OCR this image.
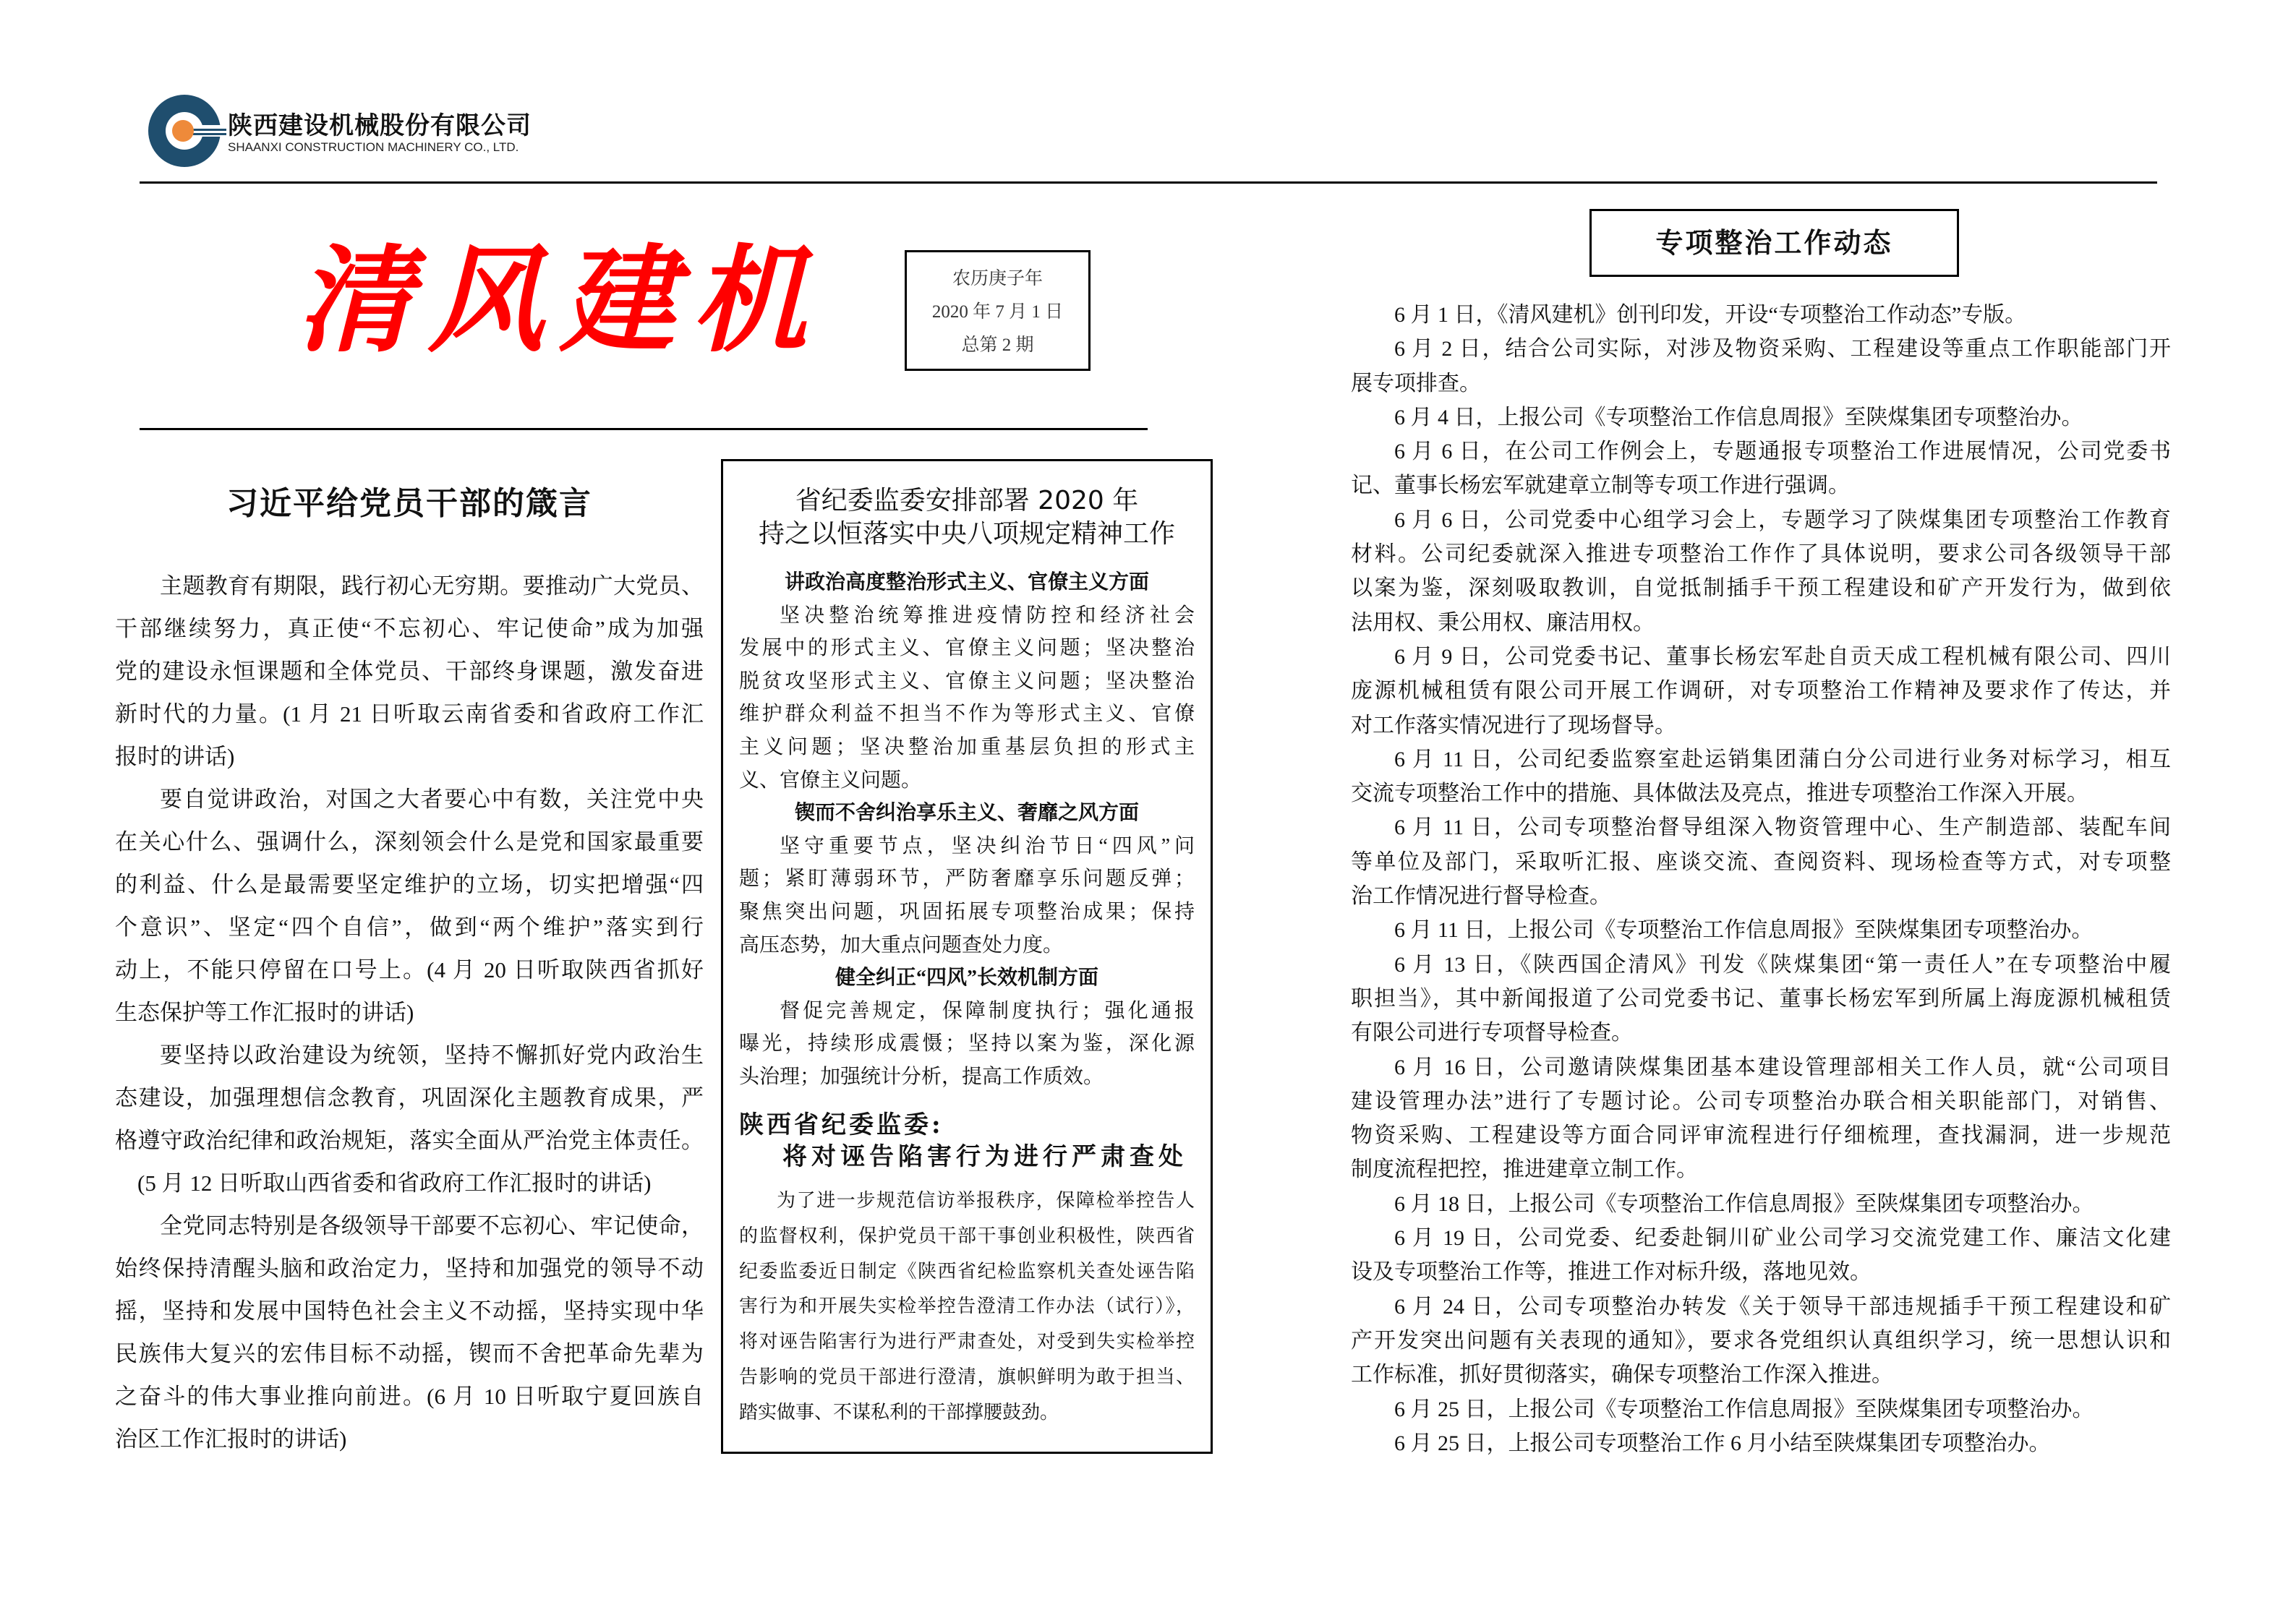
陕西建设机械股份有限公司
SHAANXI CONSTRUCTION MACHINERY CO., LTD.
清风建机	农历庚子年
2020 年 7 月 1 日
总第 2 期
习近平给党员干部的箴言
主题教育有期限，践行初心无穷期。要推动广大党员、
干部继续努力，真正使“不忘初心、牢记使命”成为加强
党的建设永恒课题和全体党员、干部终身课题，激发奋进
新时代的力量。(1 月 21 日听取云南省委和省政府工作汇
报时的讲话)
要自觉讲政治，对国之大者要心中有数，关注党中央
在关心什么、强调什么，深刻领会什么是党和国家最重要
的利益、什么是最需要坚定维护的立场，切实把增强“四
个意识”、坚定“四个自信”，做到“两个维护”落实到行
动上，不能只停留在口号上。(4 月 20 日听取陕西省抓好
生态保护等工作汇报时的讲话)
要坚持以政治建设为统领，坚持不懈抓好党内政治生
态建设，加强理想信念教育，巩固深化主题教育成果，严
格遵守政治纪律和政治规矩，落实全面从严治党主体责任。
(5 月 12 日听取山西省委和省政府工作汇报时的讲话)
全党同志特别是各级领导干部要不忘初心、牢记使命，
始终保持清醒头脑和政治定力，坚持和加强党的领导不动
摇，坚持和发展中国特色社会主义不动摇，坚持实现中华
民族伟大复兴的宏伟目标不动摇，锲而不舍把革命先辈为
之奋斗的伟大事业推向前进。(6 月 10 日听取宁夏回族自
治区工作汇报时的讲话)
省纪委监委安排部署 2020 年
持之以恒落实中央八项规定精神工作
讲政治高度整治形式主义、官僚主义方面
坚决整治统筹推进疫情防控和经济社会
发展中的形式主义、官僚主义问题；坚决整治
脱贫攻坚形式主义、官僚主义问题；坚决整治
维护群众利益不担当不作为等形式主义、官僚
主义问题；坚决整治加重基层负担的形式主
义、官僚主义问题。
锲而不舍纠治享乐主义、奢靡之风方面
坚守重要节点，坚决纠治节日“四风”问
题；紧盯薄弱环节，严防奢靡享乐问题反弹；
聚焦突出问题，巩固拓展专项整治成果；保持
高压态势，加大重点问题查处力度。
健全纠正“四风”长效机制方面
督促完善规定，保障制度执行；强化通报
曝光，持续形成震慑；坚持以案为鉴，深化源
头治理；加强统计分析，提高工作质效。
陕西省纪委监委:
将对诬告陷害行为进行严肃查处
为了进一步规范信访举报秩序，保障检举控告人
的监督权利，保护党员干部干事创业积极性，陕西省
纪委监委近日制定《陕西省纪检监察机关查处诬告陷
害行为和开展失实检举控告澄清工作办法（试行）》，
将对诬告陷害行为进行严肃查处，对受到失实检举控
告影响的党员干部进行澄清，旗帜鲜明为敢于担当、
踏实做事、不谋私利的干部撑腰鼓劲。
专项整治工作动态
6 月 1 日，《清风建机》创刊印发，开设“专项整治工作动态”专版。
6 月 2 日，结合公司实际，对涉及物资采购、工程建设等重点工作职能部门开
展专项排查。
6 月 4 日，上报公司《专项整治工作信息周报》至陕煤集团专项整治办。
6 月 6 日，在公司工作例会上，专题通报专项整治工作进展情况，公司党委书
记、董事长杨宏军就建章立制等专项工作进行强调。
6 月 6 日，公司党委中心组学习会上，专题学习了陕煤集团专项整治工作教育
材料。公司纪委就深入推进专项整治工作作了具体说明，要求公司各级领导干部
以案为鉴，深刻吸取教训，自觉抵制插手干预工程建设和矿产开发行为，做到依
法用权、秉公用权、廉洁用权。
6 月 9 日，公司党委书记、董事长杨宏军赴自贡天成工程机械有限公司、四川
庞源机械租赁有限公司开展工作调研，对专项整治工作精神及要求作了传达，并
对工作落实情况进行了现场督导。
6 月 11 日，公司纪委监察室赴运销集团蒲白分公司进行业务对标学习，相互
交流专项整治工作中的措施、具体做法及亮点，推进专项整治工作深入开展。
6 月 11 日，公司专项整治督导组深入物资管理中心、生产制造部、装配车间
等单位及部门，采取听汇报、座谈交流、查阅资料、现场检查等方式，对专项整
治工作情况进行督导检查。
6 月 11 日，上报公司《专项整治工作信息周报》至陕煤集团专项整治办。
6 月 13 日，《陕西国企清风》刊发《陕煤集团“第一责任人”在专项整治中履
职担当》，其中新闻报道了公司党委书记、董事长杨宏军到所属上海庞源机械租赁
有限公司进行专项督导检查。
6 月 16 日，公司邀请陕煤集团基本建设管理部相关工作人员，就“公司项目
建设管理办法”进行了专题讨论。公司专项整治办联合相关职能部门，对销售、
物资采购、工程建设等方面合同评审流程进行仔细梳理，查找漏洞，进一步规范
制度流程把控，推进建章立制工作。
6 月 18 日，上报公司《专项整治工作信息周报》至陕煤集团专项整治办。
6 月 19 日，公司党委、纪委赴铜川矿业公司学习交流党建工作、廉洁文化建
设及专项整治工作等，推进工作对标升级，落地见效。
6 月 24 日，公司专项整治办转发《关于领导干部违规插手干预工程建设和矿
产开发突出问题有关表现的通知》，要求各党组织认真组织学习，统一思想认识和
工作标准，抓好贯彻落实，确保专项整治工作深入推进。
6 月 25 日，上报公司《专项整治工作信息周报》至陕煤集团专项整治办。
6 月 25 日，上报公司专项整治工作 6 月小结至陕煤集团专项整治办。
